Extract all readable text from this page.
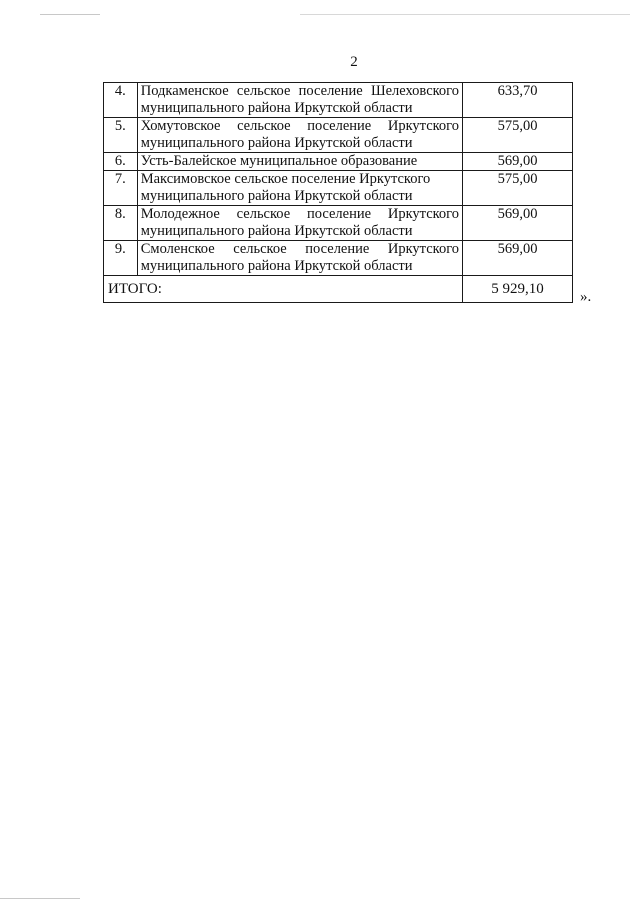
2
4.	Подкаменское сельское поселение Шелеховского
муниципального района Иркутской области	633,70
5.	Хомутовское сельское поселение Иркутского
муниципального района Иркутской области	575,00
6.	Усть-Балейское муниципальное образование	569,00
7.	Максимовское сельское поселение Иркутского
муниципального района Иркутской области	575,00
8.	Молодежное сельское поселение Иркутского
муниципального района Иркутской области	569,00
9.	Смоленское сельское поселение Иркутского
муниципального района Иркутской области	569,00
ИТОГО:		5 929,10
».
